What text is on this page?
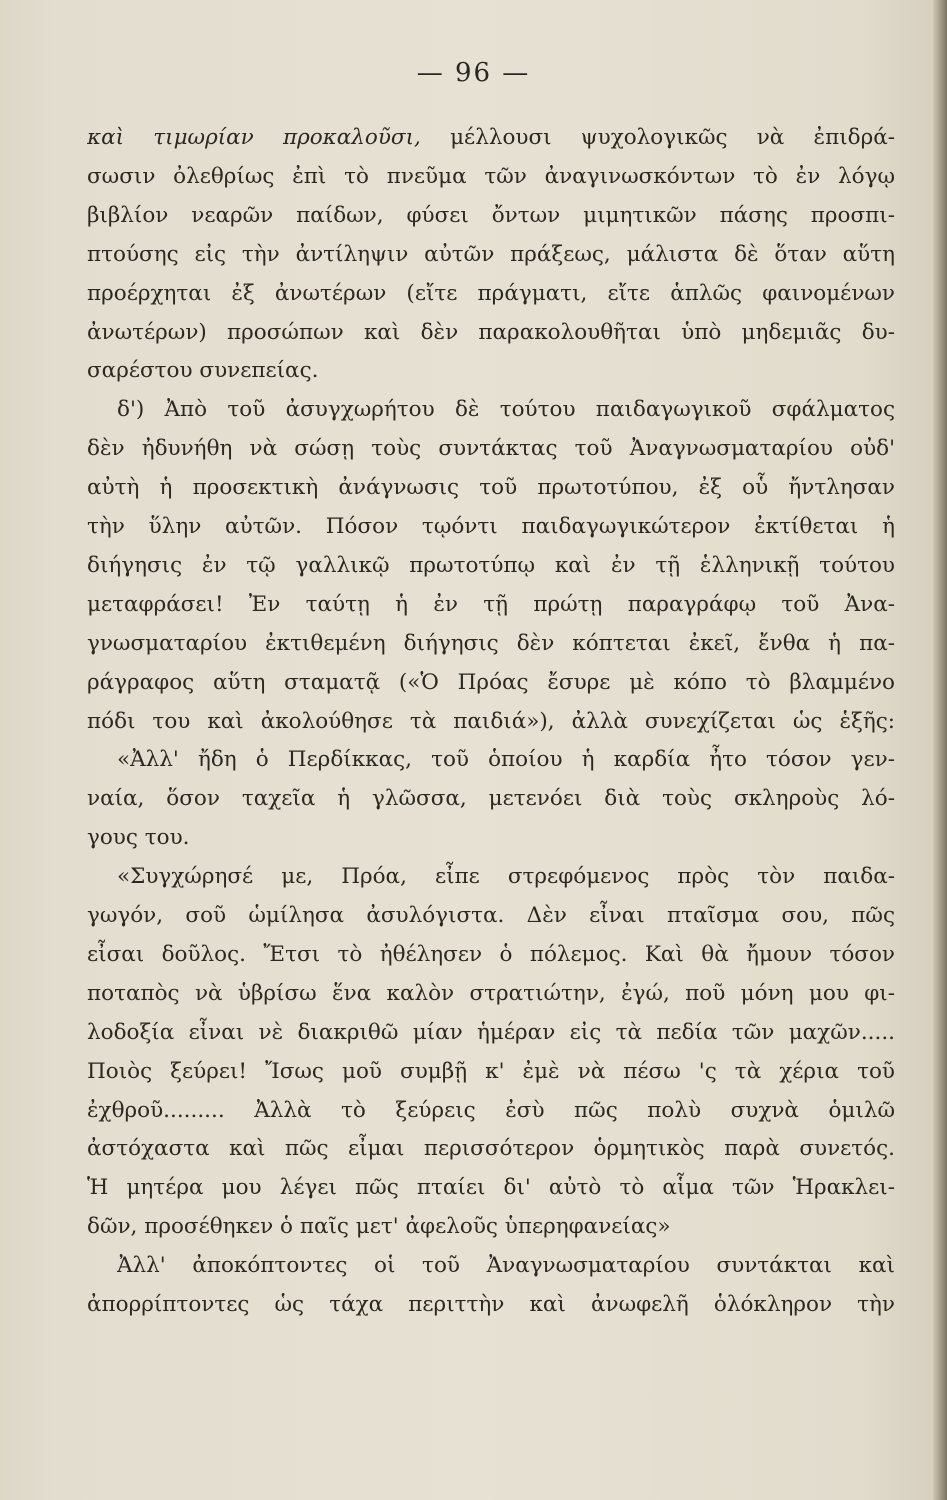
— 96 —
καὶ τιμωρίαν προκαλοῦσι, μέλλουσι ψυχολογικῶς νὰ ἐπιδρά-
σωσιν ὀλεθρίως ἐπὶ τὸ πνεῦμα τῶν ἀναγινωσκόντων τὸ ἐν λόγῳ
βιβλίον νεαρῶν παίδων, φύσει ὄντων μιμητικῶν πάσης προσπι-
πτούσης εἰς τὴν ἀντίληψιν αὐτῶν πράξεως, μάλιστα δὲ ὅταν αὕτη
προέρχηται ἐξ ἀνωτέρων (εἴτε πράγματι, εἴτε ἁπλῶς φαινομένων
ἀνωτέρων) προσώπων καὶ δὲν παρακολουθῆται ὑπὸ μηδεμιᾶς δυ-
σαρέστου συνεπείας.
δ') Ἀπὸ τοῦ ἀσυγχωρήτου δὲ τούτου παιδαγωγικοῦ σφάλματος
δὲν ἠδυνήθη νὰ σώσῃ τοὺς συντάκτας τοῦ Ἀναγνωσματαρίου οὐδ'
αὐτὴ ἡ προσεκτικὴ ἀνάγνωσις τοῦ πρωτοτύπου, ἐξ οὗ ἤντλησαν
τὴν ὕλην αὐτῶν. Πόσον τῳόντι παιδαγωγικώτερον ἐκτίθεται ἡ
διήγησις ἐν τῷ γαλλικῷ πρωτοτύπῳ καὶ ἐν τῇ ἑλληνικῇ τούτου
μεταφράσει! Ἐν ταύτῃ ἡ ἐν τῇ πρώτῃ παραγράφῳ τοῦ Ἀνα-
γνωσματαρίου ἐκτιθεμένη διήγησις δὲν κόπτεται ἐκεῖ, ἔνθα ἡ πα-
ράγραφος αὕτη σταματᾷ («Ὁ Πρόας ἔσυρε μὲ κόπο τὸ βλαμμένο
πόδι του καὶ ἀκολούθησε τὰ παιδιά»), ἀλλὰ συνεχίζεται ὡς ἑξῆς:
«Ἀλλ' ἤδη ὁ Περδίκκας, τοῦ ὁποίου ἡ καρδία ἦτο τόσον γεν-
ναία, ὅσον ταχεῖα ἡ γλῶσσα, μετενόει διὰ τοὺς σκληροὺς λό-
γους του.
«Συγχώρησέ με, Πρόα, εἶπε στρεφόμενος πρὸς τὸν παιδα-
γωγόν, σοῦ ὡμίλησα ἀσυλόγιστα. Δὲν εἶναι πταῖσμα σου, πῶς
εἶσαι δοῦλος. Ἔτσι τὸ ἠθέλησεν ὁ πόλεμος. Καὶ θὰ ἤμουν τόσον
ποταπὸς νὰ ὑβρίσω ἕνα καλὸν στρατιώτην, ἐγώ, ποῦ μόνη μου φι-
λοδοξία εἶναι νὲ διακριθῶ μίαν ἡμέραν εἰς τὰ πεδία τῶν μαχῶν.....
Ποιὸς ξεύρει! Ἴσως μοῦ συμβῇ κ' ἐμὲ νὰ πέσω 'ς τὰ χέρια τοῦ
ἐχθροῦ......... Ἀλλὰ τὸ ξεύρεις ἐσὺ πῶς πολὺ συχνὰ ὁμιλῶ
ἀστόχαστα καὶ πῶς εἶμαι περισσότερον ὁρμητικὸς παρὰ συνετός.
Ἡ μητέρα μου λέγει πῶς πταίει δι' αὐτὸ τὸ αἷμα τῶν Ἡρακλει-
δῶν, προσέθηκεν ὁ παῖς μετ' ἀφελοῦς ὑπερηφανείας»
Ἀλλ' ἀποκόπτοντες οἱ τοῦ Ἀναγνωσματαρίου συντάκται καὶ
ἀπορρίπτοντες ὡς τάχα περιττὴν καὶ ἀνωφελῆ ὁλόκληρον τὴν
